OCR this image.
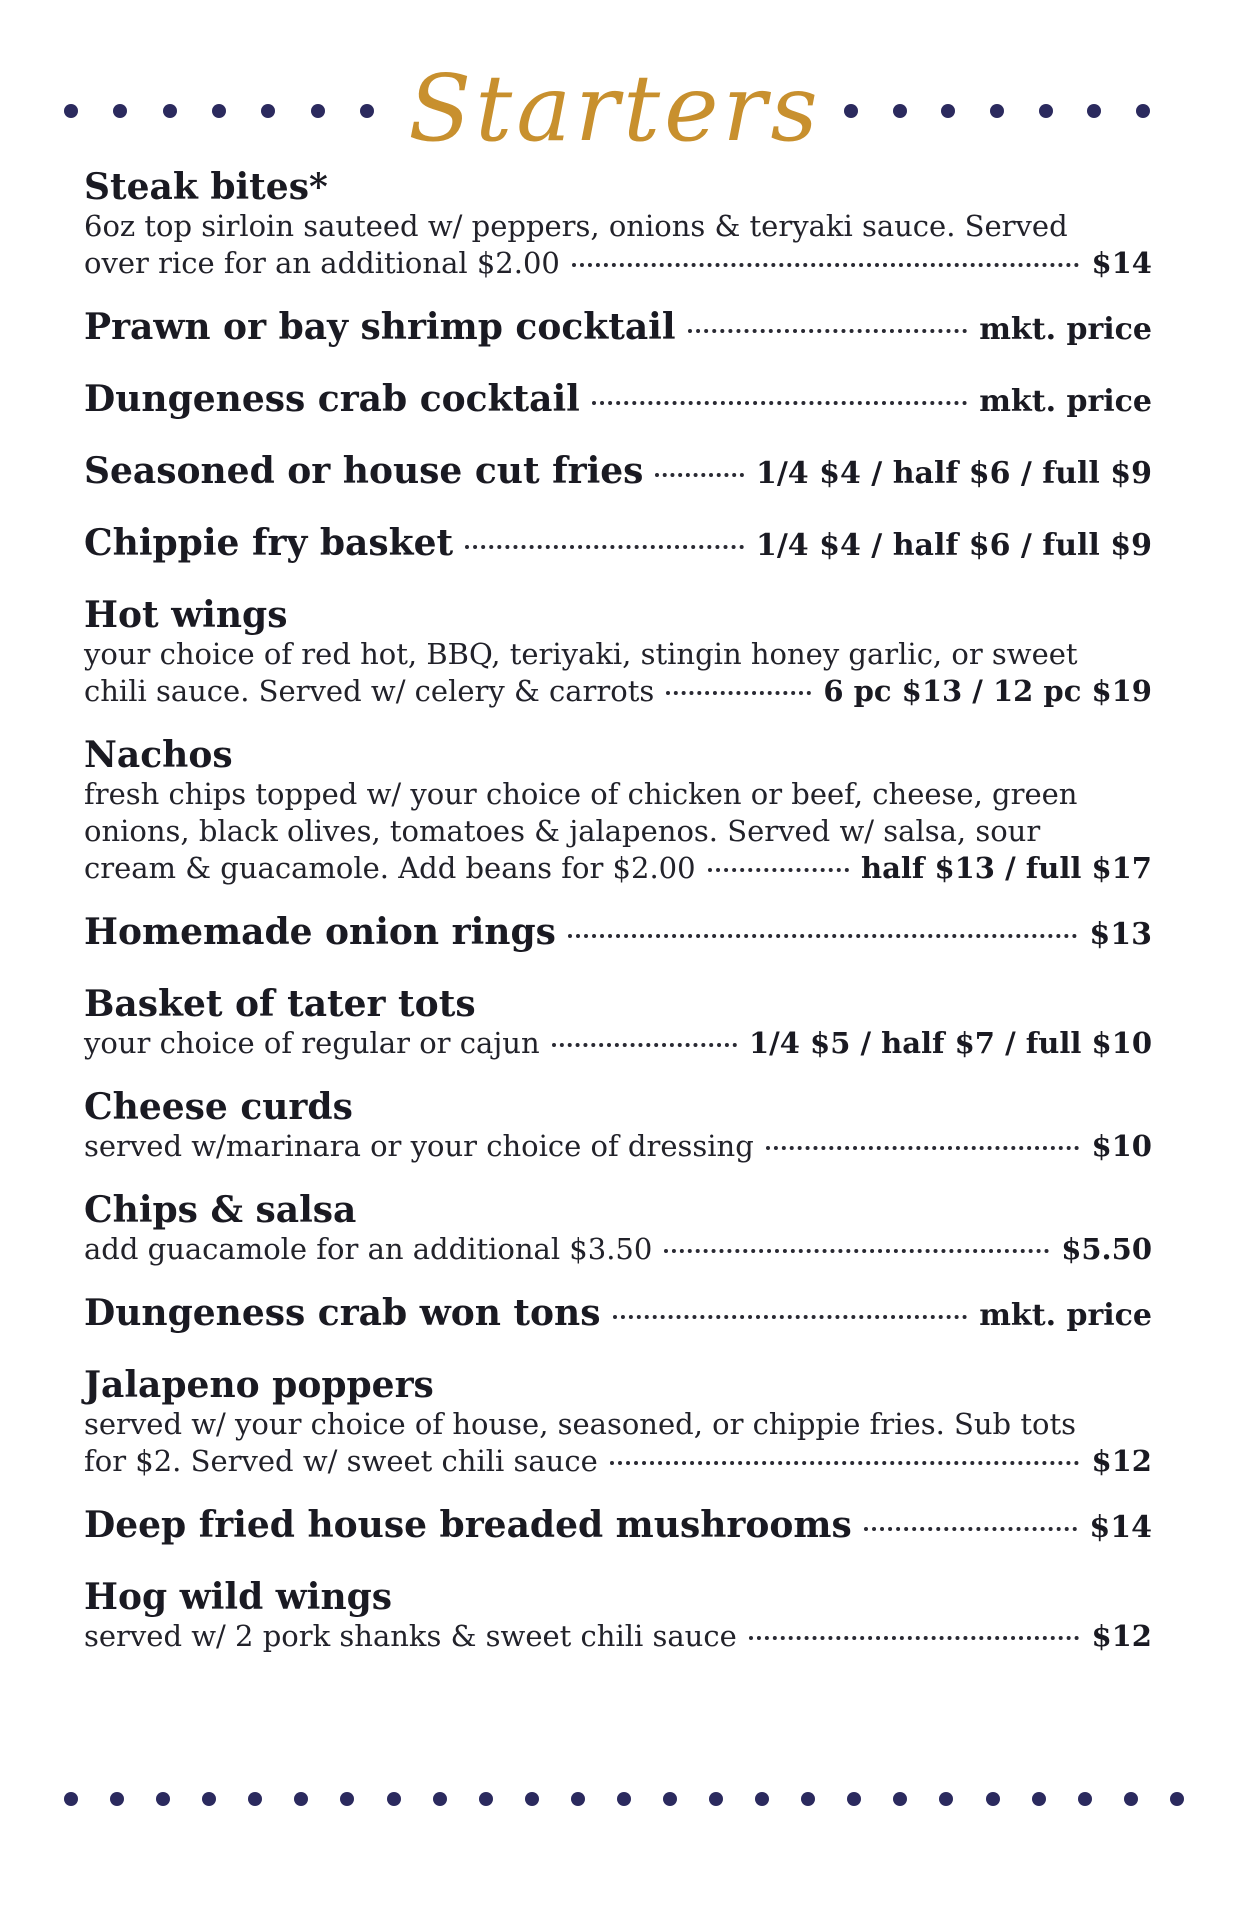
Starters
Steak bites*
6oz top sirloin sauteed w/ peppers, onions & teryaki sauce. Served
over rice for an additional $2.00	$14
Prawn or bay shrimp cocktail	mkt. price
Dungeness crab cocktail	mkt. price
Seasoned or house cut fries	1/4 $4 / half $6 / full $9
Chippie fry basket	1/4 $4 / half $6 / full $9
Hot wings
your choice of red hot, BBQ, teriyaki, stingin honey garlic, or sweet
chili sauce. Served w/ celery & carrots	6 pc $13 / 12 pc $19
Nachos
fresh chips topped w/ your choice of chicken or beef, cheese, green
onions, black olives, tomatoes & jalapenos. Served w/ salsa, sour
cream & guacamole. Add beans for $2.00	half $13 / full $17
Homemade onion rings	$13
Basket of tater tots
your choice of regular or cajun	1/4 $5 / half $7 / full $10
Cheese curds
served w/marinara or your choice of dressing	$10
Chips & salsa
add guacamole for an additional $3.50	$5.50
Dungeness crab won tons	mkt. price
Jalapeno poppers
served w/ your choice of house, seasoned, or chippie fries. Sub tots
for $2. Served w/ sweet chili sauce	$12
Deep fried house breaded mushrooms	$14
Hog wild wings
served w/ 2 pork shanks & sweet chili sauce	$12
